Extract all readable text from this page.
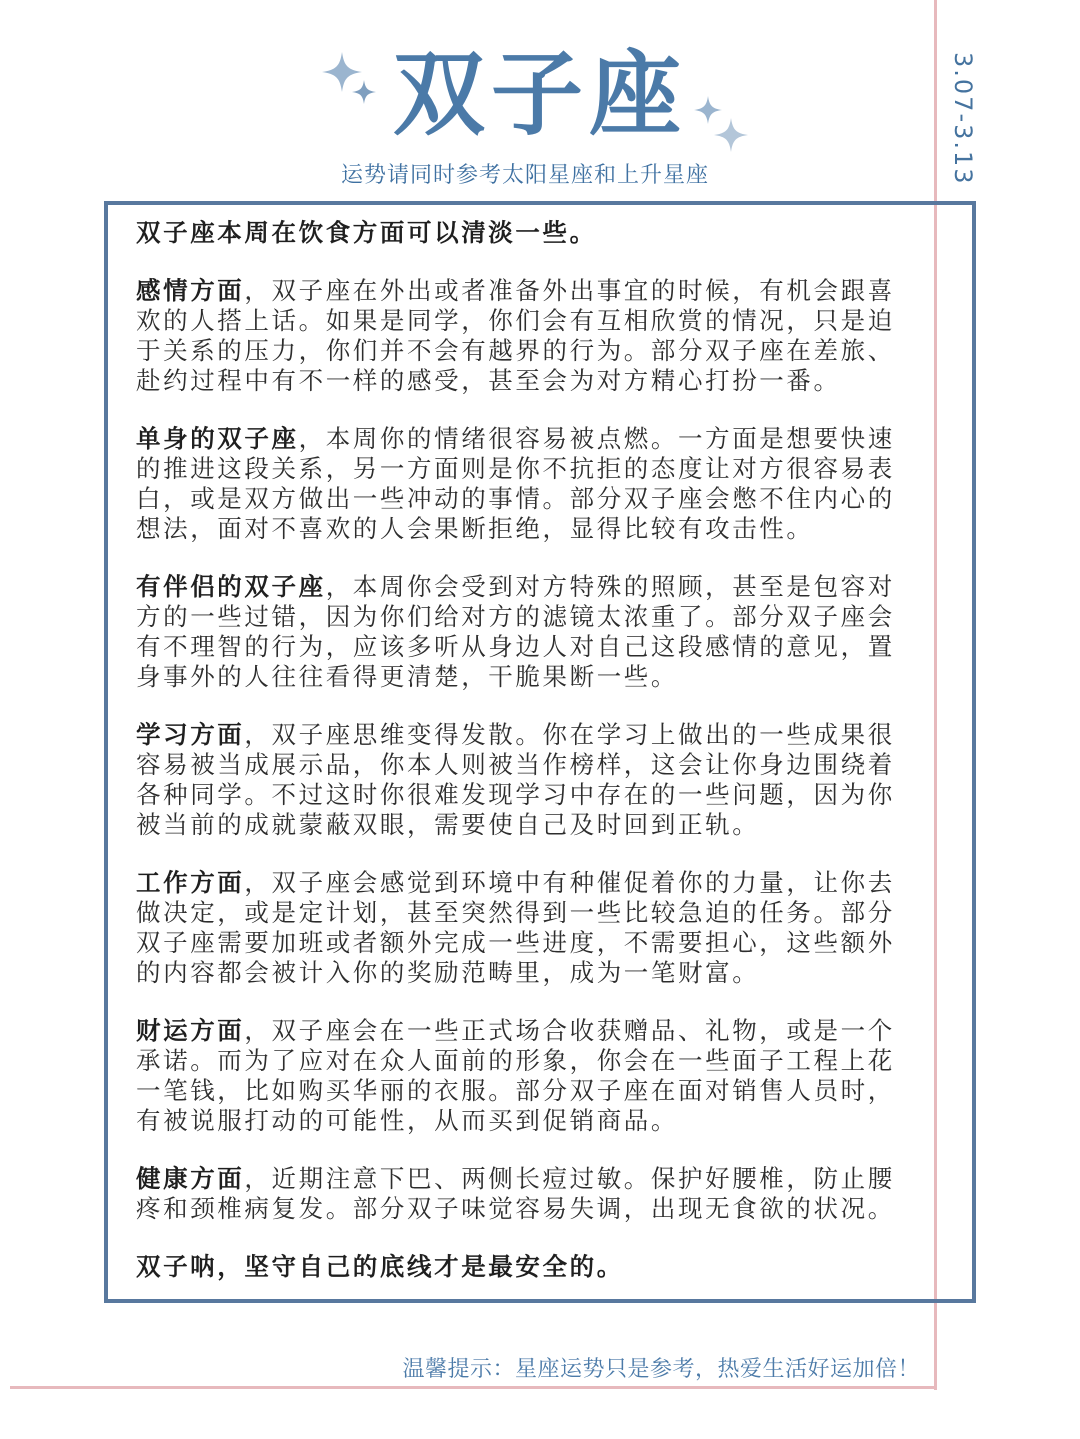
3.07-3.13
双子座
运势请同时参考太阳星座和上升星座

双子座本周在饮食方面可以清淡一些。

感情方面，双子座在外出或者准备外出事宜的时候，有机会跟喜欢的人搭上话。如果是同学，你们会有互相欣赏的情况，只是迫于关系的压力，你们并不会有越界的行为。部分双子座在差旅、赴约过程中有不一样的感受，甚至会为对方精心打扮一番。

单身的双子座，本周你的情绪很容易被点燃。一方面是想要快速的推进这段关系，另一方面则是你不抗拒的态度让对方很容易表白，或是双方做出一些冲动的事情。部分双子座会憋不住内心的想法，面对不喜欢的人会果断拒绝，显得比较有攻击性。

有伴侣的双子座，本周你会受到对方特殊的照顾，甚至是包容对方的一些过错，因为你们给对方的滤镜太浓重了。部分双子座会有不理智的行为，应该多听从身边人对自己这段感情的意见，置身事外的人往往看得更清楚，干脆果断一些。

学习方面，双子座思维变得发散。你在学习上做出的一些成果很容易被当成展示品，你本人则被当作榜样，这会让你身边围绕着各种同学。不过这时你很难发现学习中存在的一些问题，因为你被当前的成就蒙蔽双眼，需要使自己及时回到正轨。

工作方面，双子座会感觉到环境中有种催促着你的力量，让你去做决定，或是定计划，甚至突然得到一些比较急迫的任务。部分双子座需要加班或者额外完成一些进度，不需要担心，这些额外的内容都会被计入你的奖励范畴里，成为一笔财富。

财运方面，双子座会在一些正式场合收获赠品、礼物，或是一个承诺。而为了应对在众人面前的形象，你会在一些面子工程上花一笔钱，比如购买华丽的衣服。部分双子座在面对销售人员时，有被说服打动的可能性，从而买到促销商品。

健康方面，近期注意下巴、两侧长痘过敏。保护好腰椎，防止腰疼和颈椎病复发。部分双子味觉容易失调，出现无食欲的状况。

双子呐，坚守自己的底线才是最安全的。

温馨提示：星座运势只是参考，热爱生活好运加倍！
